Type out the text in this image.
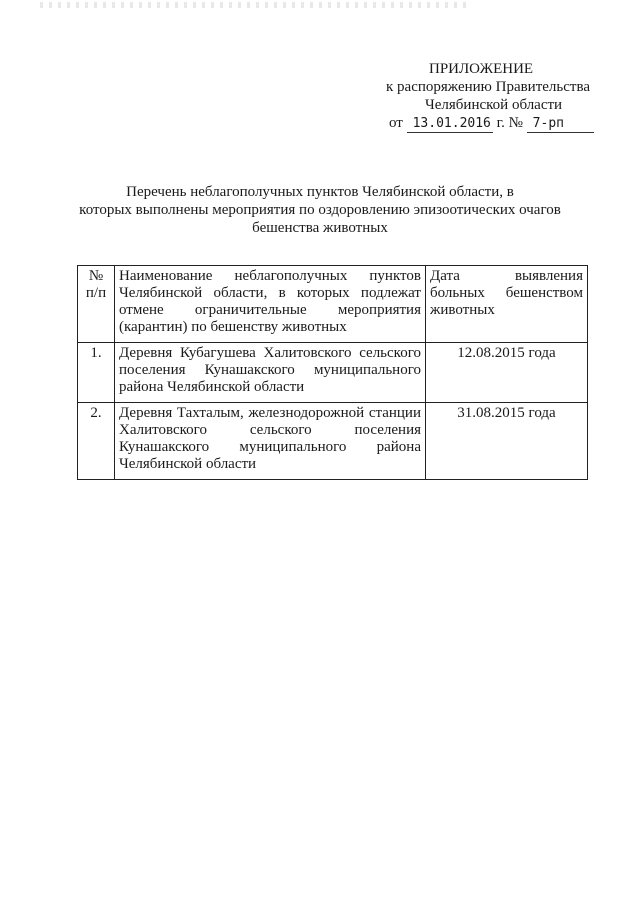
ПРИЛОЖЕНИЕ
к распоряжению Правительства
Челябинской области
от 13.01.2016 г. № 7-рп
Перечень неблагополучных пунктов Челябинской области, в
которых выполнены мероприятия по оздоровлению эпизоотических очагов
бешенства животных
№ п/п	Наименование неблагополучных пунктов Челябинской области, в которых подлежат отмене ограничительные мероприятия (карантин) по бешенству животных	Дата выявления больных бешенством животных
1.	Деревня Кубагушева Халитовского сельского поселения Кунашакского муниципального района Челябинской области	12.08.2015 года
2.	Деревня Тахталым, железнодорожной станции Халитовского сельского поселения Кунашакского муниципального района Челябинской области	31.08.2015 года
